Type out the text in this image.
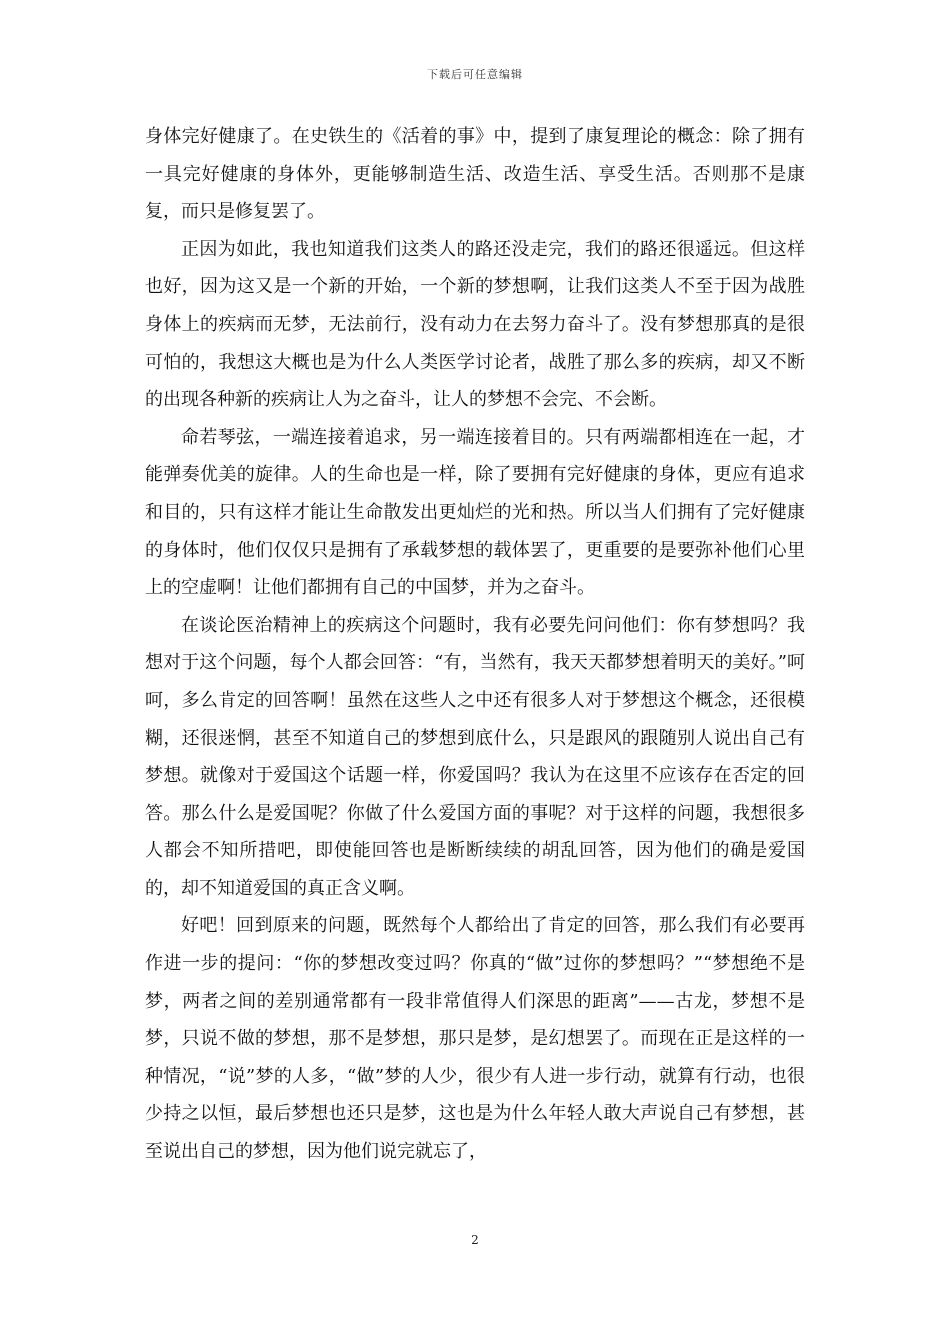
下载后可任意编辑

身体完好健康了。在史铁生的《活着的事》中，提到了康复理论的概念：除了拥有一具完好健康的身体外，更能够制造生活、改造生活、享受生活。否则那不是康复，而只是修复罢了。

正因为如此，我也知道我们这类人的路还没走完，我们的路还很遥远。但这样也好，因为这又是一个新的开始，一个新的梦想啊，让我们这类人不至于因为战胜身体上的疾病而无梦，无法前行，没有动力在去努力奋斗了。没有梦想那真的是很可怕的，我想这大概也是为什么人类医学讨论者，战胜了那么多的疾病，却又不断的出现各种新的疾病让人为之奋斗，让人的梦想不会完、不会断。

命若琴弦，一端连接着追求，另一端连接着目的。只有两端都相连在一起，才能弹奏优美的旋律。人的生命也是一样，除了要拥有完好健康的身体，更应有追求和目的，只有这样才能让生命散发出更灿烂的光和热。所以当人们拥有了完好健康的身体时，他们仅仅只是拥有了承载梦想的载体罢了，更重要的是要弥补他们心里上的空虚啊！让他们都拥有自己的中国梦，并为之奋斗。

在谈论医治精神上的疾病这个问题时，我有必要先问问他们：你有梦想吗？我想对于这个问题，每个人都会回答：“有，当然有，我天天都梦想着明天的美好。”呵呵，多么肯定的回答啊！虽然在这些人之中还有很多人对于梦想这个概念，还很模糊，还很迷惘，甚至不知道自己的梦想到底什么，只是跟风的跟随别人说出自己有梦想。就像对于爱国这个话题一样，你爱国吗？我认为在这里不应该存在否定的回答。那么什么是爱国呢？你做了什么爱国方面的事呢？对于这样的问题，我想很多人都会不知所措吧，即使能回答也是断断续续的胡乱回答，因为他们的确是爱国的，却不知道爱国的真正含义啊。

好吧！回到原来的问题，既然每个人都给出了肯定的回答，那么我们有必要再作进一步的提问：“你的梦想改变过吗？你真的“做”过你的梦想吗？”“梦想绝不是梦，两者之间的差别通常都有一段非常值得人们深思的距离”——古龙，梦想不是梦，只说不做的梦想，那不是梦想，那只是梦，是幻想罢了。而现在正是这样的一种情况，“说”梦的人多，“做”梦的人少，很少有人进一步行动，就算有行动，也很少持之以恒，最后梦想也还只是梦，这也是为什么年轻人敢大声说自己有梦想，甚至说出自己的梦想，因为他们说完就忘了，

2
